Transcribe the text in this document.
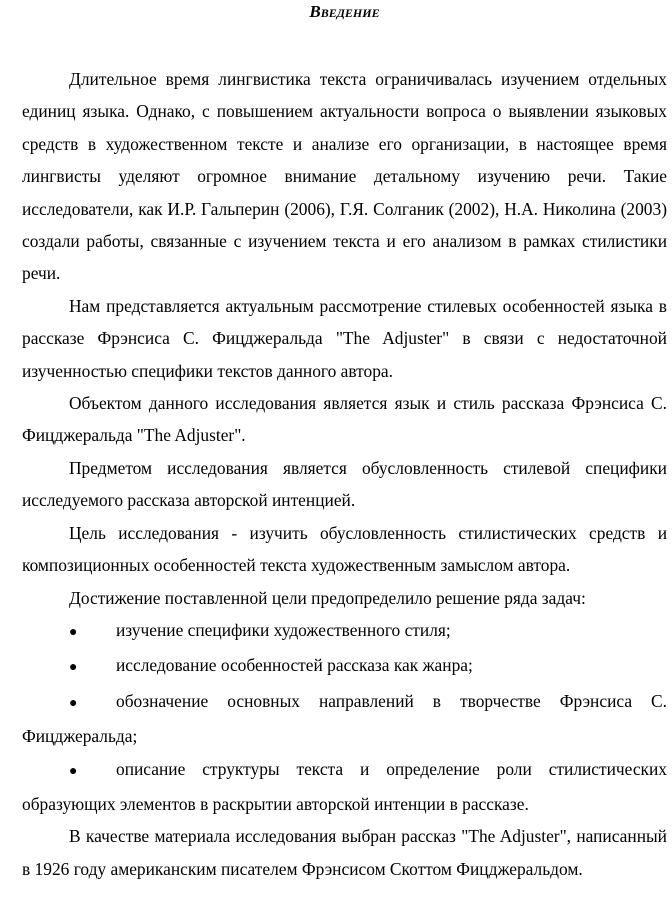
Введение

Длительное время лингвистика текста ограничивалась изучением отдельных единиц языка. Однако, с повышением актуальности вопроса о выявлении языковых средств в художественном тексте и анализе его организации, в настоящее время лингвисты уделяют огромное внимание детальному изучению речи. Такие исследователи, как И.Р. Гальперин (2006), Г.Я. Солганик (2002), Н.А. Николина (2003) создали работы, связанные с изучением текста и его анализом в рамках стилистики речи.

Нам представляется актуальным рассмотрение стилевых особенностей языка в рассказе Фрэнсиса С. Фицджеральда "The Adjuster" в связи с недостаточной изученностью специфики текстов данного автора.

Объектом данного исследования является язык и стиль рассказа Фрэнсиса С. Фицджеральда "The Adjuster".

Предметом исследования является обусловленность стилевой специфики исследуемого рассказа авторской интенцией.

Цель исследования - изучить обусловленность стилистических средств и композиционных особенностей текста художественным замыслом автора.

Достижение поставленной цели предопределило решение ряда задач:

● изучение специфики художественного стиля;

● исследование особенностей рассказа как жанра;

● обозначение основных направлений в творчестве Фрэнсиса С. Фицджеральда;

● описание структуры текста и определение роли стилистических образующих элементов в раскрытии авторской интенции в рассказе.

В качестве материала исследования выбран рассказ "The Adjuster", написанный в 1926 году американским писателем Фрэнсисом Скоттом Фицджеральдом.
